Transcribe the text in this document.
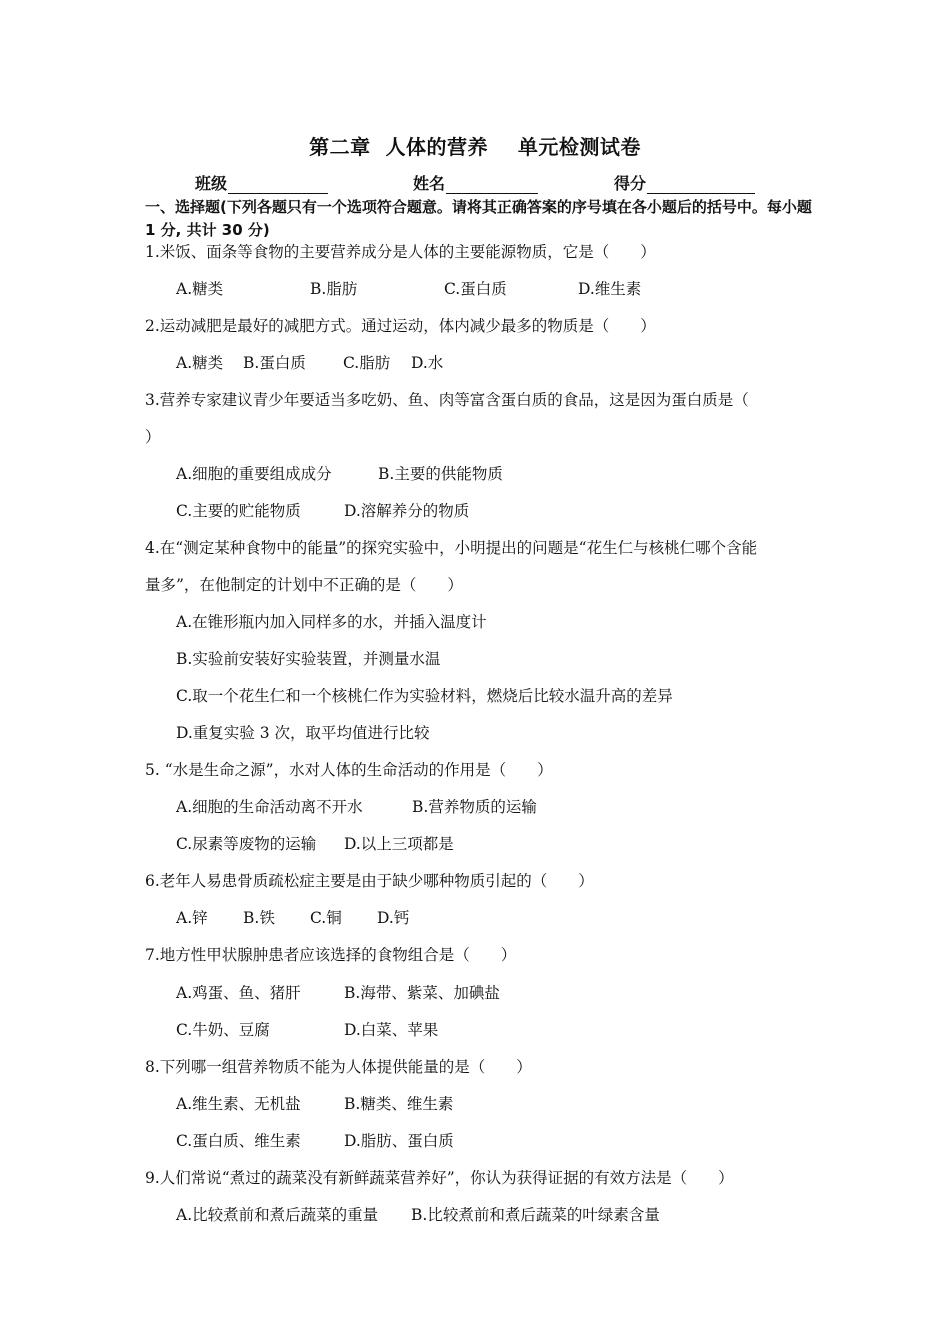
第二章  人体的营养    单元检测试卷
班级	姓名	得分
一、选择题(下列各题只有一个选项符合题意。请将其正确答案的序号填在各小题后的括号中。每小题 1 分, 共计 30 分)
1.米饭、面条等食物的主要营养成分是人体的主要能源物质，它是（　　）
A.糖类	B.脂肪	C.蛋白质	D.维生素
2.运动减肥是最好的减肥方式。通过运动，体内减少最多的物质是（　　）
A.糖类 B.蛋白质 C.脂肪 D.水
3.营养专家建议青少年要适当多吃奶、鱼、肉等富含蛋白质的食品，这是因为蛋白质是（
）
A.细胞的重要组成成分	B.主要的供能物质
C.主要的贮能物质	D.溶解养分的物质
4.在“测定某种食物中的能量”的探究实验中，小明提出的问题是“花生仁与核桃仁哪个含能
量多”，在他制定的计划中不正确的是（　　）
A.在锥形瓶内加入同样多的水，并插入温度计
B.实验前安装好实验装置，并测量水温
C.取一个花生仁和一个核桃仁作为实验材料，燃烧后比较水温升高的差异
D.重复实验 3 次，取平均值进行比较
5. “水是生命之源”，水对人体的生命活动的作用是（　　）
A.细胞的生命活动离不开水	B.营养物质的运输
C.尿素等废物的运输 D.以上三项都是
6.老年人易患骨质疏松症主要是由于缺少哪种物质引起的（　　）
A.锌 B.铁 C.铜 D.钙
7.地方性甲状腺肿患者应该选择的食物组合是（　　）
A.鸡蛋、鱼、猪肝	B.海带、紫菜、加碘盐
C.牛奶、豆腐	D.白菜、苹果
8.下列哪一组营养物质不能为人体提供能量的是（　　）
A.维生素、无机盐	B.糖类、维生素
C.蛋白质、维生素	D.脂肪、蛋白质
9.人们常说“煮过的蔬菜没有新鲜蔬菜营养好”，你认为获得证据的有效方法是（　　）
A.比较煮前和煮后蔬菜的重量 B.比较煮前和煮后蔬菜的叶绿素含量
